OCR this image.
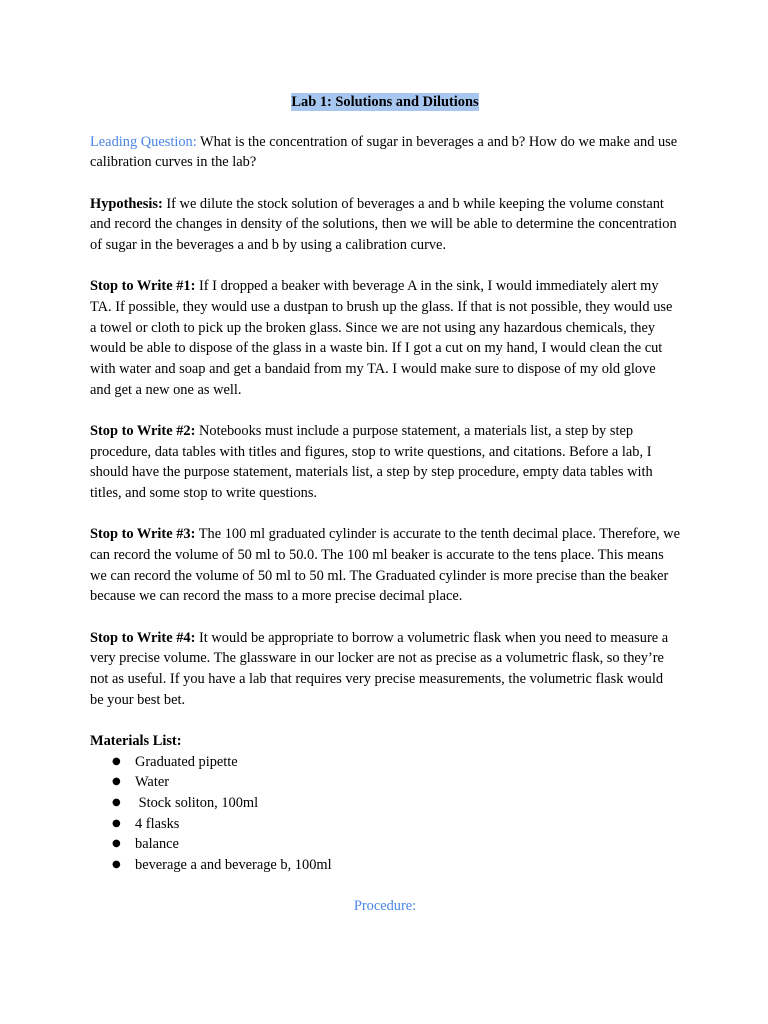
Lab 1: Solutions and Dilutions

Leading Question: What is the concentration of sugar in beverages a and b? How do we make and use calibration curves in the lab?

Hypothesis: If we dilute the stock solution of beverages a and b while keeping the volume constant and record the changes in density of the solutions, then we will be able to determine the concentration of sugar in the beverages a and b by using a calibration curve.

Stop to Write #1: If I dropped a beaker with beverage A in the sink, I would immediately alert my TA. If possible, they would use a dustpan to brush up the glass. If that is not possible, they would use a towel or cloth to pick up the broken glass. Since we are not using any hazardous chemicals, they would be able to dispose of the glass in a waste bin. If I got a cut on my hand, I would clean the cut with water and soap and get a bandaid from my TA. I would make sure to dispose of my old glove and get a new one as well.

Stop to Write #2: Notebooks must include a purpose statement, a materials list, a step by step procedure, data tables with titles and figures, stop to write questions, and citations. Before a lab, I should have the purpose statement, materials list, a step by step procedure, empty data tables with titles, and some stop to write questions.

Stop to Write #3: The 100 ml graduated cylinder is accurate to the tenth decimal place. Therefore, we can record the volume of 50 ml to 50.0. The 100 ml beaker is accurate to the tens place. This means we can record the volume of 50 ml to 50 ml. The Graduated cylinder is more precise than the beaker because we can record the mass to a more precise decimal place.

Stop to Write #4: It would be appropriate to borrow a volumetric flask when you need to measure a very precise volume. The glassware in our locker are not as precise as a volumetric flask, so they’re not as useful. If you have a lab that requires very precise measurements, the volumetric flask would be your best bet.

Materials List:
● Graduated pipette
● Water
● Stock soliton, 100ml
● 4 flasks
● balance
● beverage a and beverage b, 100ml
Procedure:
